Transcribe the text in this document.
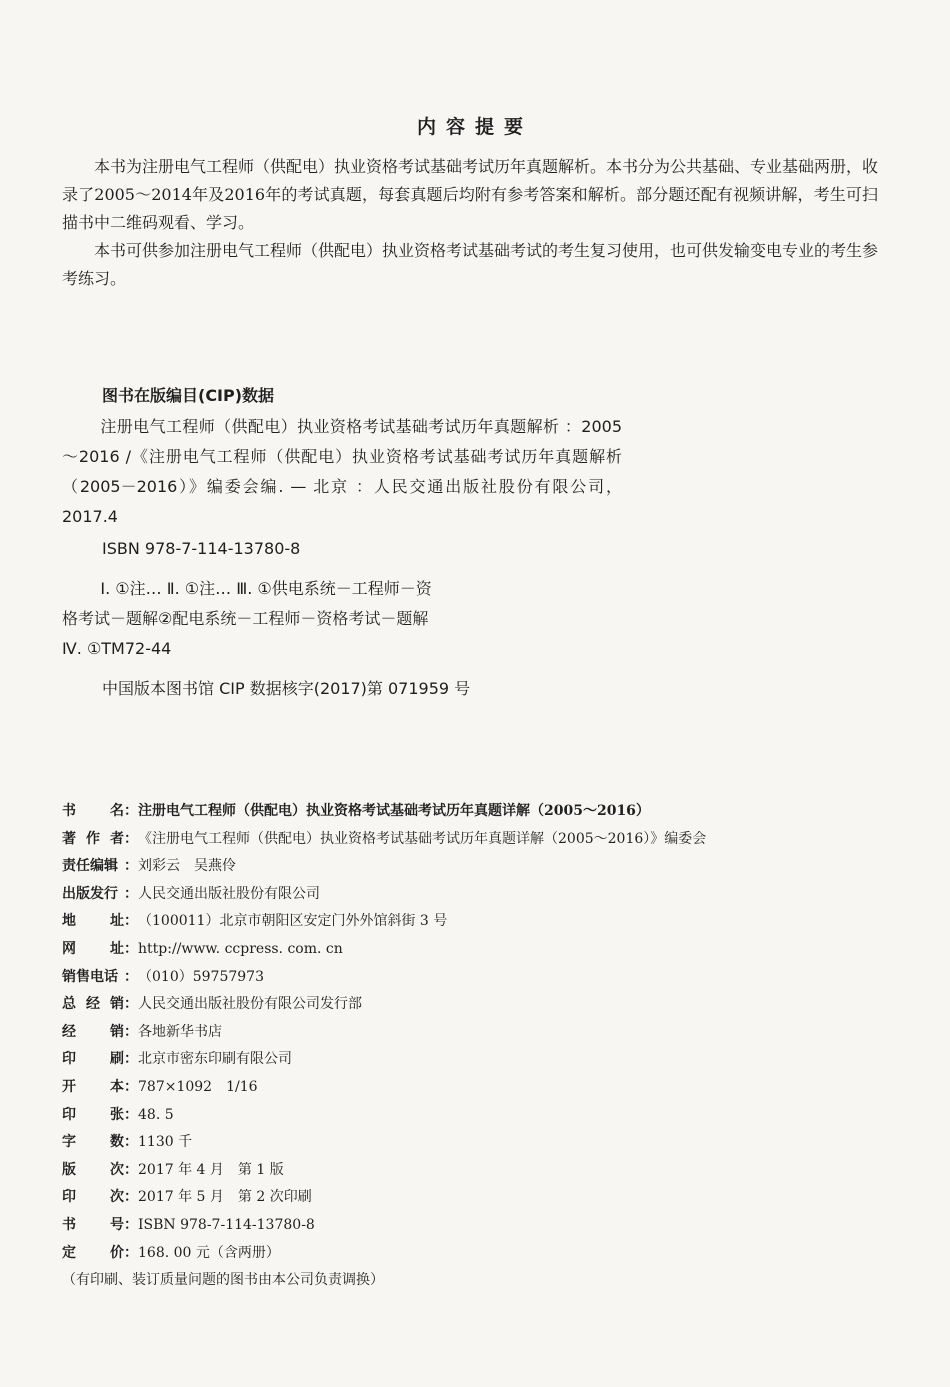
内容提要

本书为注册电气工程师（供配电）执业资格考试基础考试历年真题解析。本书分为公共基础、专业基础两册，收录了2005～2014年及2016年的考试真题，每套真题后均附有参考答案和解析。部分题还配有视频讲解，考生可扫描书中二维码观看、学习。

本书可供参加注册电气工程师（供配电）执业资格考试基础考试的考生复习使用，也可供发输变电专业的考生参考练习。

图书在版编目(CIP)数据
注册电气工程师（供配电）执业资格考试基础考试历年真题解析 ：2005～2016 /《注册电气工程师（供配电）执业资格考试基础考试历年真题解析（2005－2016）》编委会编. — 北京 ：人民交通出版社股份有限公司，2017.4
ISBN 978-7-114-13780-8
Ⅰ. ①注… Ⅱ. ①注… Ⅲ. ①供电系统－工程师－资
格考试－题解②配电系统－工程师－资格考试－题解
Ⅳ. ①TM72-44
中国版本图书馆 CIP 数据核字(2017)第 071959 号
书 名 ： 注册电气工程师（供配电）执业资格考试基础考试历年真题详解（2005～2016）
著 作 者 ： 《注册电气工程师（供配电）执业资格考试基础考试历年真题详解（2005～2016）》编委会
责任编辑 ： 刘彩云　吴燕伶
出版发行 ： 人民交通出版社股份有限公司
地 址 ： （100011）北京市朝阳区安定门外外馆斜街 3 号
网 址 ： http://www. ccpress. com. cn
销售电话 ： （010）59757973
总 经 销 ： 人民交通出版社股份有限公司发行部
经 销 ： 各地新华书店
印 刷 ： 北京市密东印刷有限公司
开 本 ： 787×1092　1/16
印 张 ： 48. 5
字 数 ： 1130 千
版 次 ： 2017 年 4 月　第 1 版
印 次 ： 2017 年 5 月　第 2 次印刷
书 号 ： ISBN 978-7-114-13780-8
定 价 ： 168. 00 元（含两册）
（有印刷、装订质量问题的图书由本公司负责调换）
